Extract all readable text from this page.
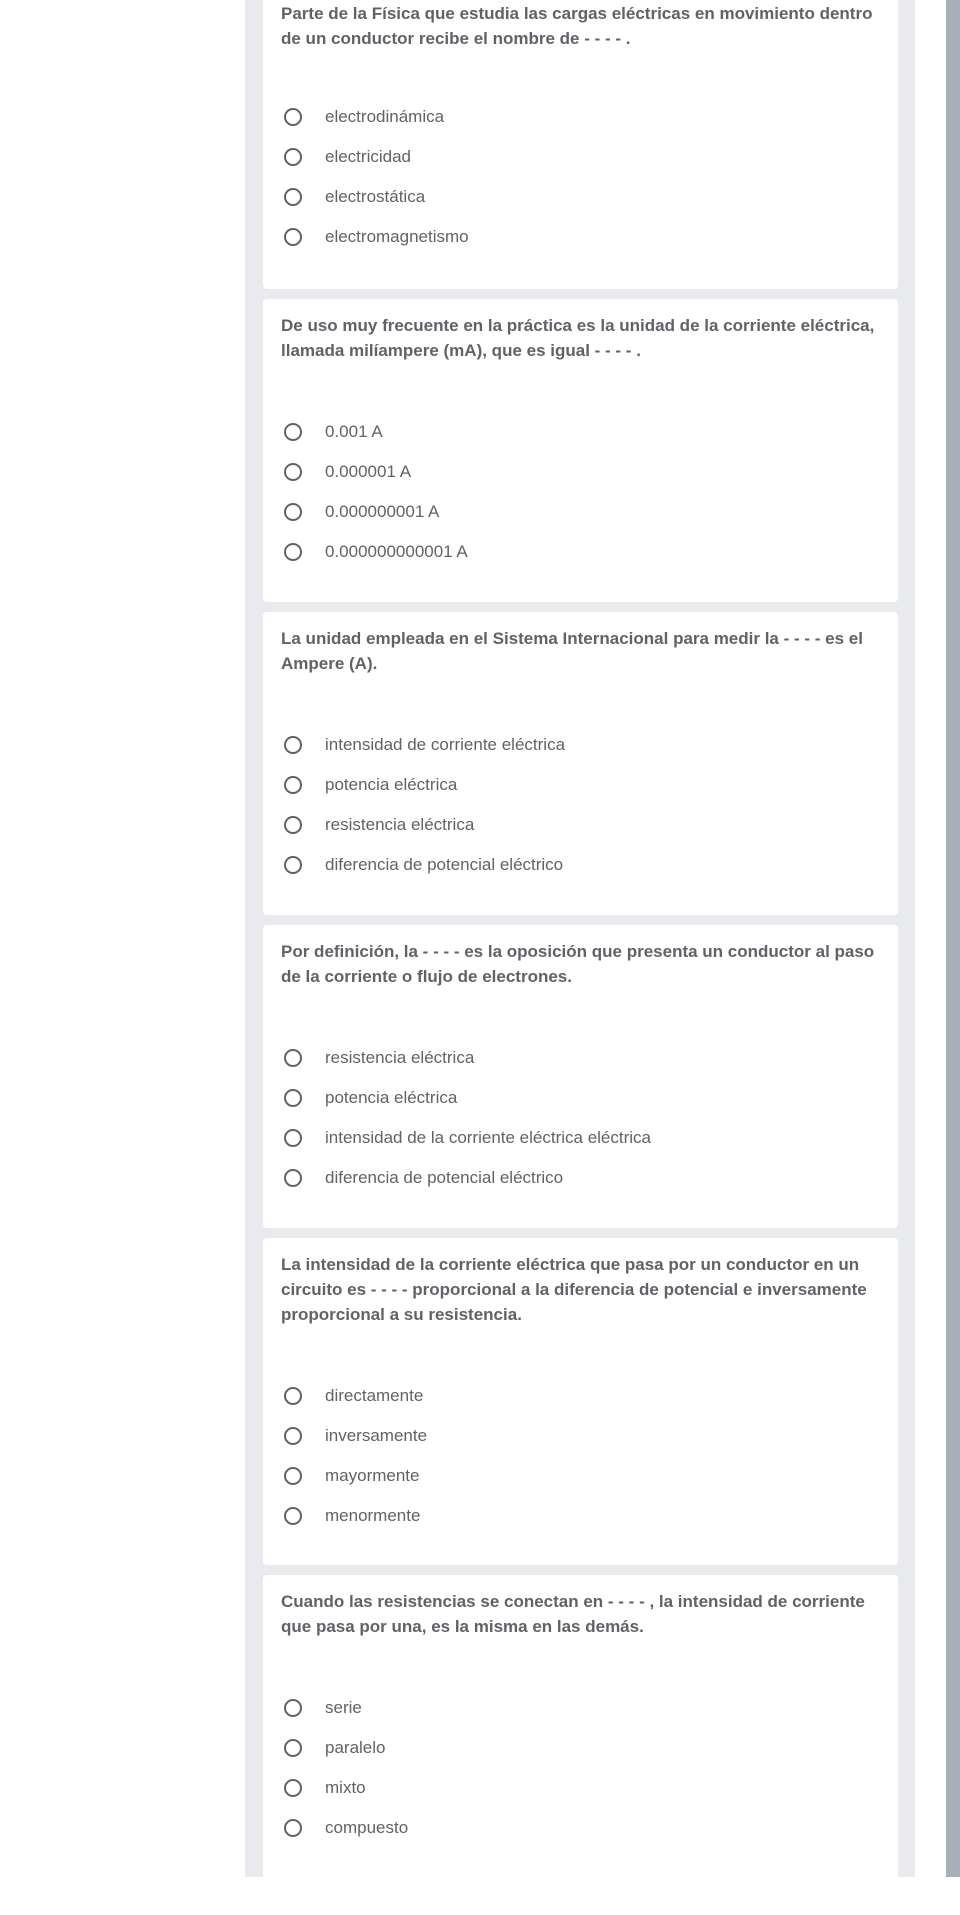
Parte de la Física que estudia las cargas eléctricas en movimiento dentro de un conductor recibe el nombre de - - - - .

electrodinámica
electricidad
electrostática
electromagnetismo

De uso muy frecuente en la práctica es la unidad de la corriente eléctrica, llamada milíampere (mA), que es igual - - - - .

0.001 A
0.000001 A
0.000000001 A
0.000000000001 A

La unidad empleada en el Sistema Internacional para medir la - - - - es el Ampere (A).

intensidad de corriente eléctrica
potencia eléctrica
resistencia eléctrica
diferencia de potencial eléctrico

Por definición, la - - - - es la oposición que presenta un conductor al paso de la corriente o flujo de electrones.

resistencia eléctrica
potencia eléctrica
intensidad de la corriente eléctrica eléctrica
diferencia de potencial eléctrico

La intensidad de la corriente eléctrica que pasa por un conductor en un circuito es - - - - proporcional a la diferencia de potencial e inversamente proporcional a su resistencia.

directamente
inversamente
mayormente
menormente

Cuando las resistencias se conectan en - - - - , la intensidad de corriente que pasa por una, es la misma en las demás.

serie
paralelo
mixto
compuesto
